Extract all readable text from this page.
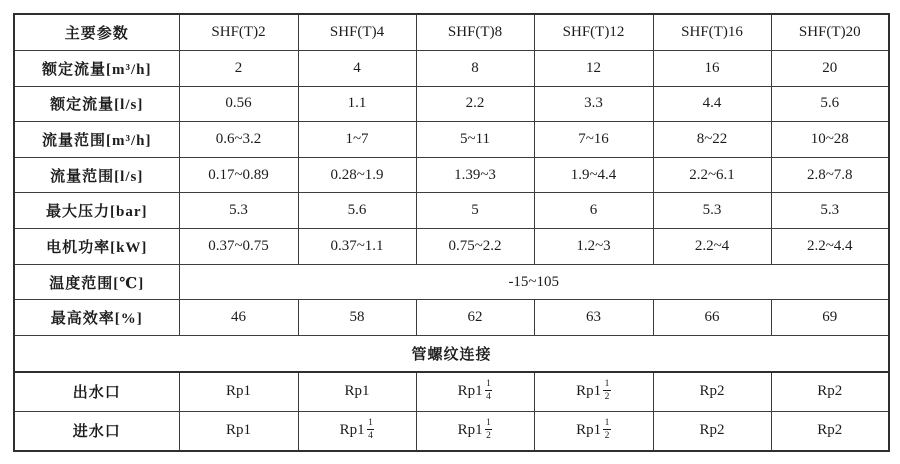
主要参数	SHF(T)2	SHF(T)4	SHF(T)8	SHF(T)12	SHF(T)16	SHF(T)20
额定流量[m³/h]	2	4	8	12	16	20
额定流量[l/s]	0.56	1.1	2.2	3.3	4.4	5.6
流量范围[m³/h]	0.6~3.2	1~7	5~11	7~16	8~22	10~28
流量范围[l/s]	0.17~0.89	0.28~1.9	1.39~3	1.9~4.4	2.2~6.1	2.8~7.8
最大压力[bar]	5.3	5.6	5	6	5.3	5.3
电机功率[kW]	0.37~0.75	0.37~1.1	0.75~2.2	1.2~3	2.2~4	2.2~4.4
温度范围[℃]	-15~105					
最高效率[%]	46	58	62	63	66	69
管螺纹连接						
出水口	Rp1	Rp1	$Rp1 \frac{1}{4}$	$Rp1 \frac{1}{2}$	Rp2	Rp2
进水口	Rp1	$Rp1 \frac{1}{4}$	$Rp1 \frac{1}{2}$	$Rp1 \frac{1}{2}$	Rp2	Rp2
